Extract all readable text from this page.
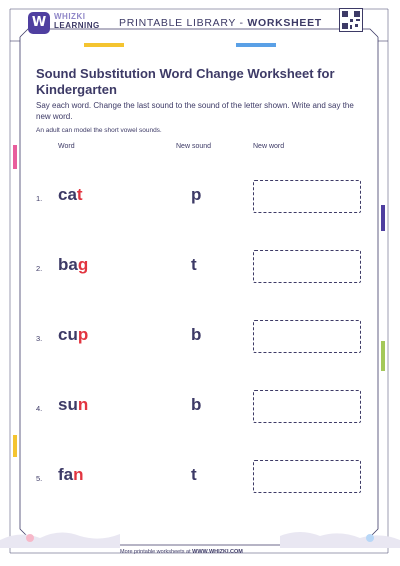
W WHIZKI
LEARNING PRINTABLE LIBRARY - WORKSHEET
Sound Substitution Word Change Worksheet for Kindergarten
Say each word. Change the last sound to the sound of the letter shown. Write and say the new word.
An adult can model the short vowel sounds.
Word	New sound	New word
1. cat	p
2. bag	t
3. cup	b
4. sun	b
5. fan	t
More printable worksheets at WWW.WHIZKI.COM
